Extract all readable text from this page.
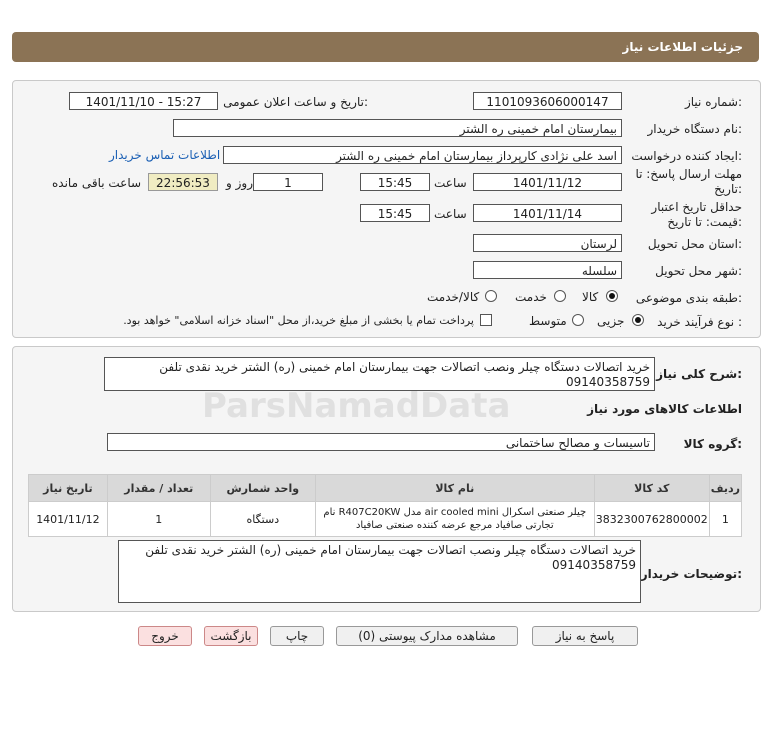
جزئیات اطلاعات نیاز
شماره نیاز:
1101093606000147
تاریخ و ساعت اعلان عمومی:
1401/11/10 - 15:27
نام دستگاه خریدار:
بیمارستان امام خمینی ره الشتر
ایجاد کننده درخواست:
اسد علی نژادی کارپرداز بیمارستان امام خمینی ره الشتر
اطلاعات تماس خریدار
مهلت ارسال پاسخ: تا
تاریخ:
1401/11/12
ساعت
15:45
1
روز و
22:56:53
ساعت باقی مانده
حداقل تاریخ اعتبار
قیمت: تا تاریخ:
1401/11/14
ساعت
15:45
استان محل تحویل:
لرستان
شهر محل تحویل:
سلسله
طبقه بندی موضوعی:
کالا
خدمت
کالا/خدمت
نوع فرآیند خرید :
جزیی
متوسط
پرداخت تمام یا بخشی از مبلغ خرید،از محل "اسناد خزانه اسلامی" خواهد بود.
شرح کلی نیاز:
خرید اتصالات دستگاه چیلر ونصب اتصالات جهت بیمارستان امام خمینی (ره) الشتر خرید نقدی تلفن 09140358759
اطلاعات کالاهای مورد نیاز
گروه کالا:
تاسیسات و مصالح ساختمانی
ردیف	کد کالا	نام کالا	واحد شمارش	تعداد / مقدار	تاریخ نیاز
1	3832300762800002	چیلر صنعتی اسکرال air cooled mini مدل R407C20KW نام تجارتی صافیاد مرجع عرضه کننده صنعتی صافیاد	دستگاه	1	1401/11/12
توضیحات خریدار:
خرید اتصالات دستگاه چیلر ونصب اتصالات جهت بیمارستان امام خمینی (ره) الشتر خرید نقدی تلفن 09140358759
ParsNamadData
پاسخ به نیاز
مشاهده مدارک پیوستی (0)
چاپ
بازگشت
خروج
